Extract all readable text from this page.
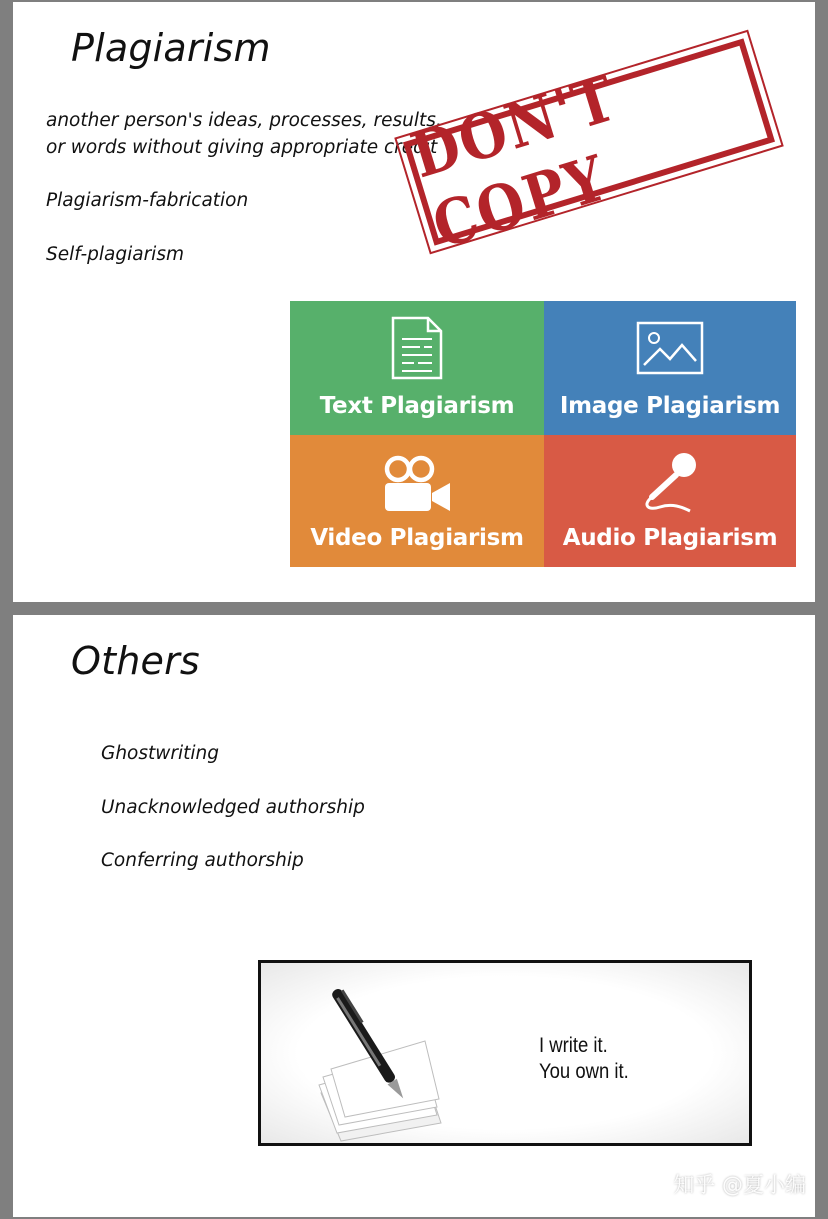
Plagiarism

another person's ideas, processes, results,

or words without giving appropriate credit

Plagiarism-fabrication

Self-plagiarism

DON'T COPY
Text Plagiarism	Image Plagiarism
Video Plagiarism	Audio Plagiarism
Others

Ghostwriting

Unacknowledged authorship

Conferring authorship

I write it.
You own it.
知乎 @夏小编
